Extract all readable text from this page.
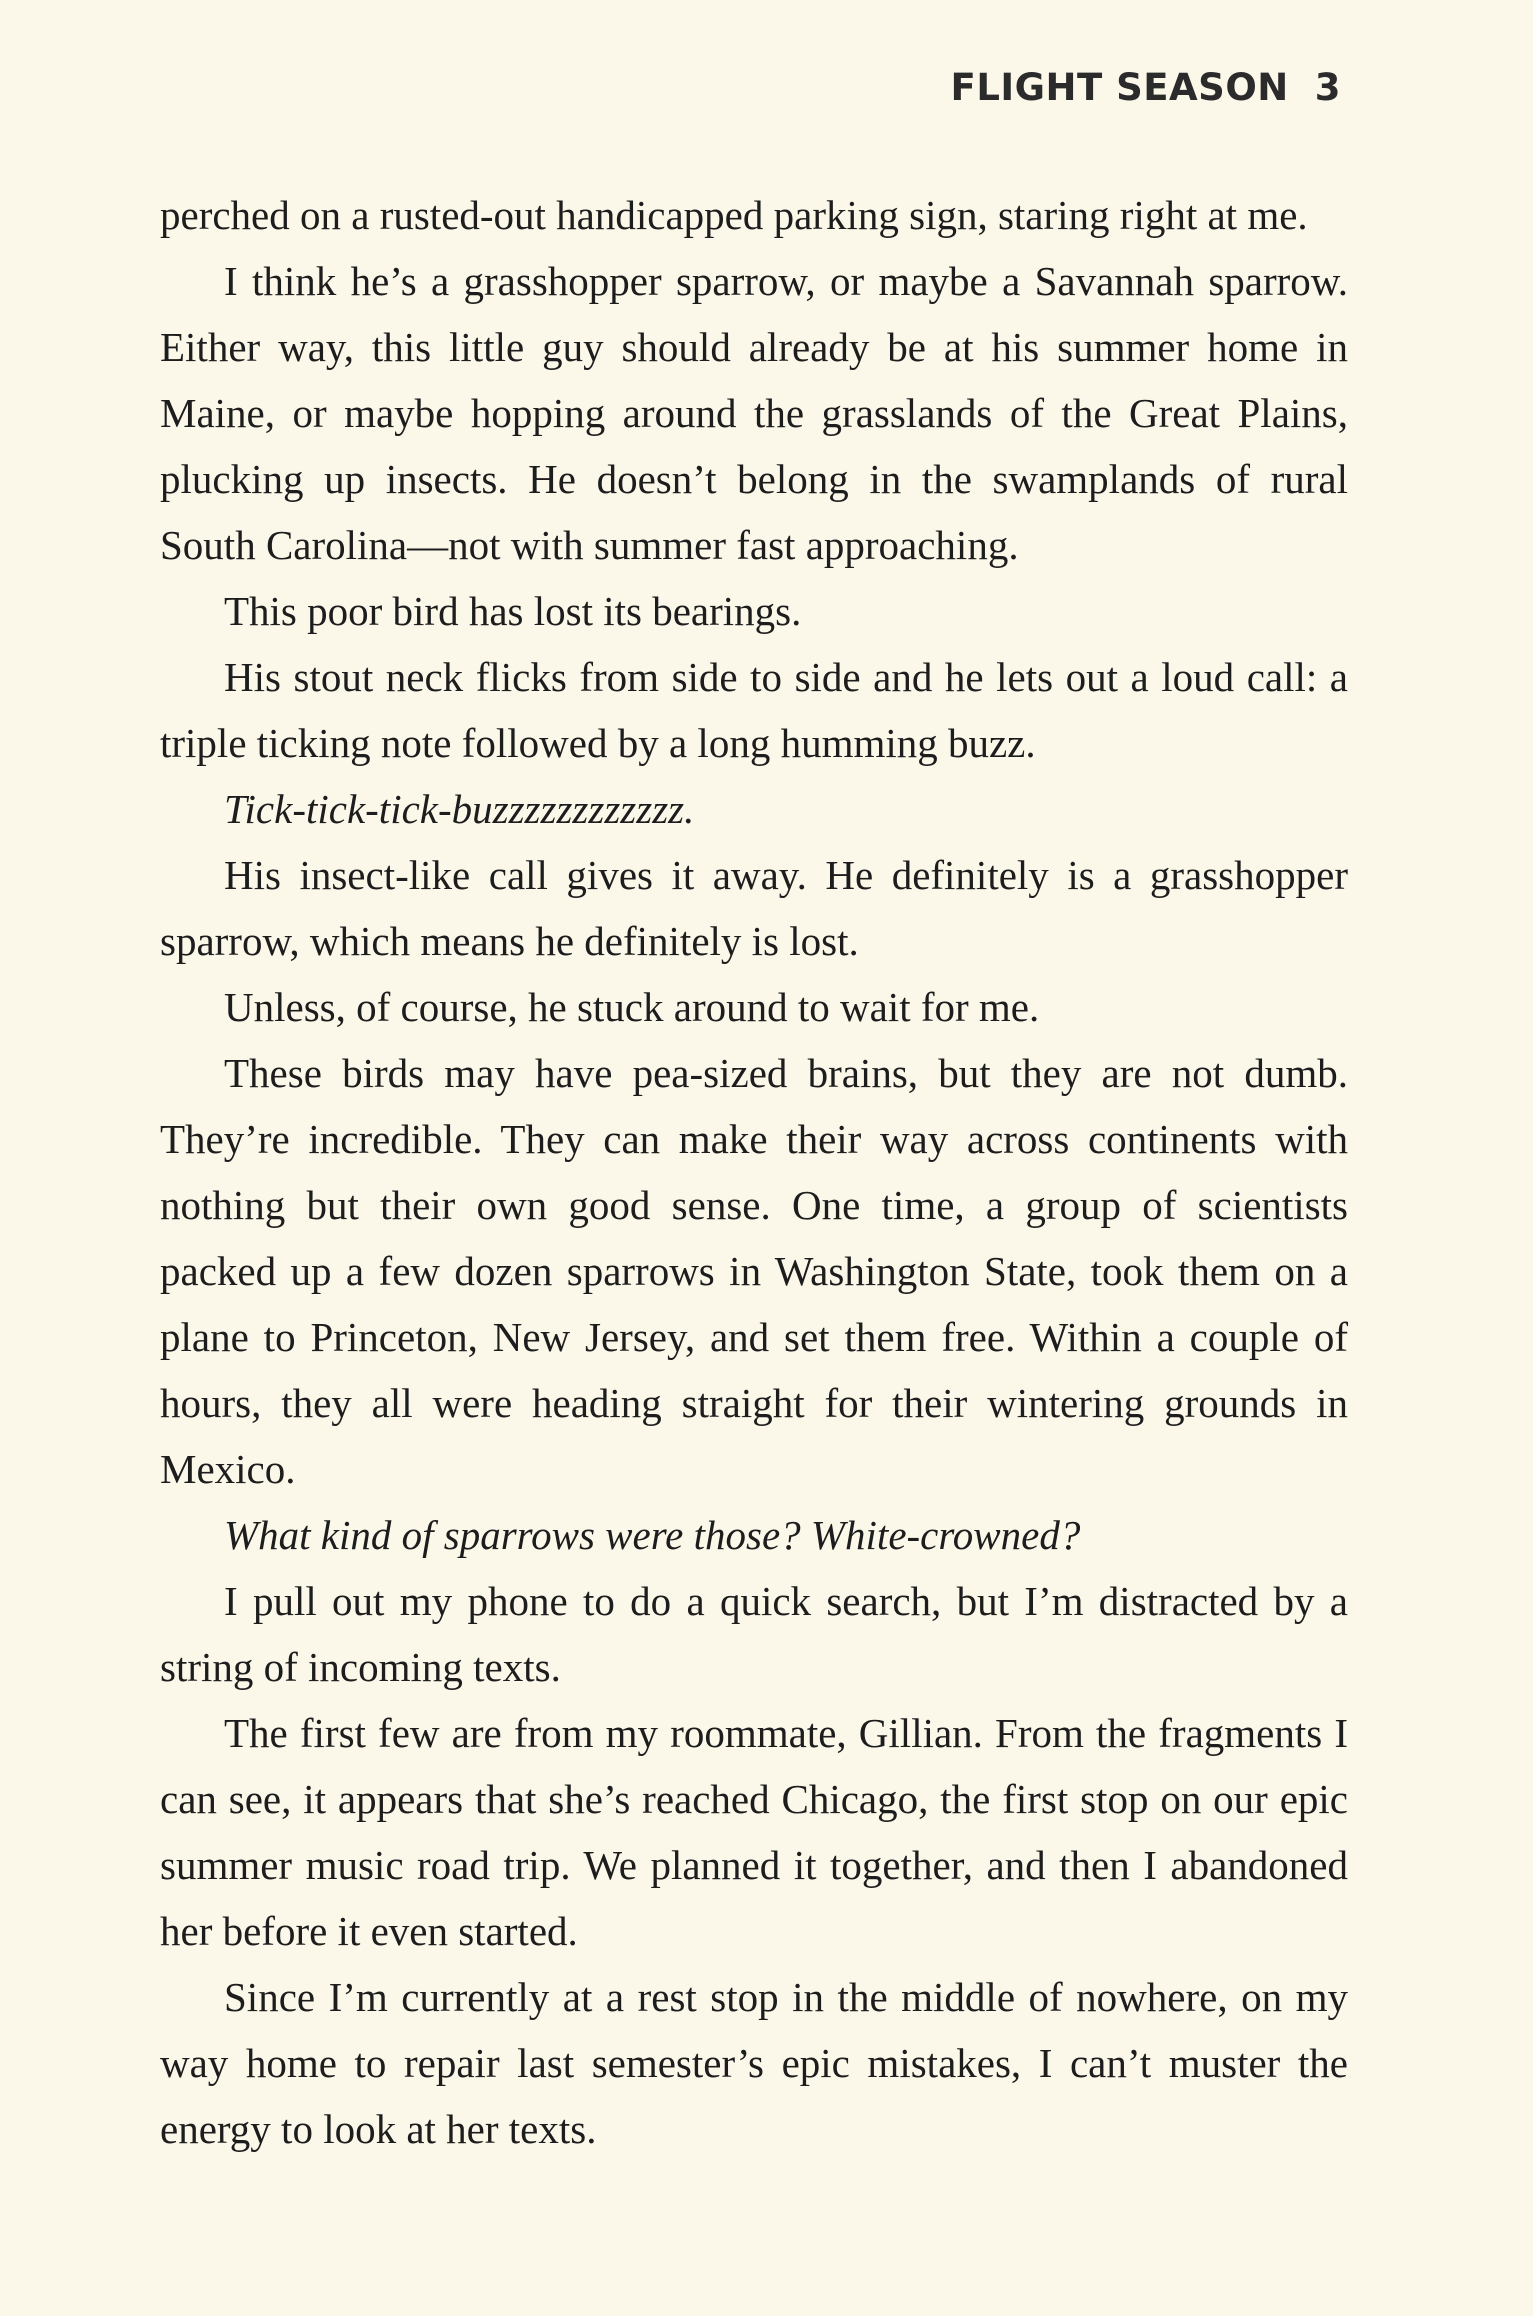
FLIGHT SEASON 3

perched on a rusted-out handicapped parking sign, staring right at me.

I think he’s a grasshopper sparrow, or maybe a Savannah sparrow. Either way, this little guy should already be at his summer home in Maine, or maybe hopping around the grasslands of the Great Plains, plucking up insects. He doesn’t belong in the swamplands of rural South Carolina—not with summer fast approaching.

This poor bird has lost its bearings.

His stout neck flicks from side to side and he lets out a loud call: a triple ticking note followed by a long humming buzz.

Tick-tick-tick-buzzzzzzzzzzzz.

His insect-like call gives it away. He definitely is a grasshopper sparrow, which means he definitely is lost.

Unless, of course, he stuck around to wait for me.

These birds may have pea-sized brains, but they are not dumb. They’re incredible. They can make their way across continents with nothing but their own good sense. One time, a group of scientists packed up a few dozen sparrows in Washington State, took them on a plane to Princeton, New Jersey, and set them free. Within a couple of hours, they all were heading straight for their wintering grounds in Mexico.

What kind of sparrows were those? White-crowned?

I pull out my phone to do a quick search, but I’m distracted by a string of incoming texts.

The first few are from my roommate, Gillian. From the fragments I can see, it appears that she’s reached Chicago, the first stop on our epic summer music road trip. We planned it together, and then I abandoned her before it even started.

Since I’m currently at a rest stop in the middle of nowhere, on my way home to repair last semester’s epic mistakes, I can’t muster the energy to look at her texts.
